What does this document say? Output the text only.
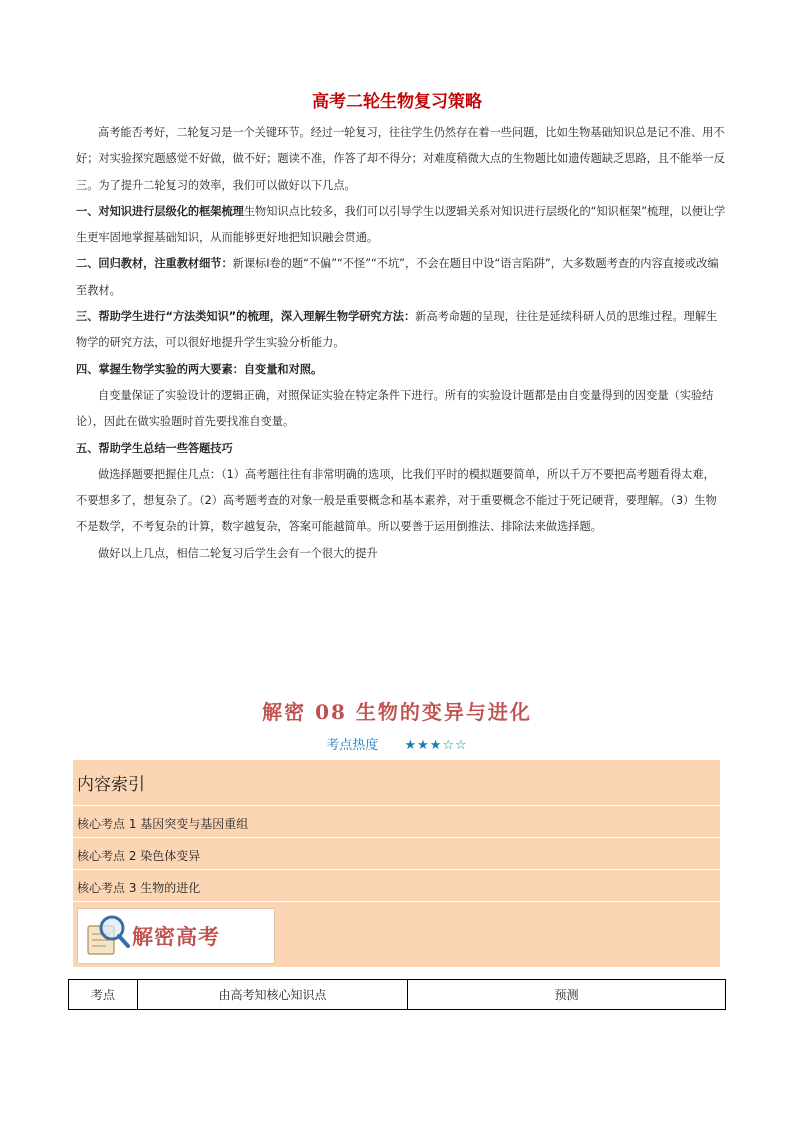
高考二轮生物复习策略

高考能否考好，二轮复习是一个关键环节。经过一轮复习，往往学生仍然存在着一些问题，比如生物基础知识总是记不准、用不好；对实验探究题感觉不好做，做不好；题读不准，作答了却不得分；对难度稍微大点的生物题比如遗传题缺乏思路，且不能举一反三。为了提升二轮复习的效率，我们可以做好以下几点。

一、对知识进行层级化的框架梳理生物知识点比较多，我们可以引导学生以逻辑关系对知识进行层级化的“知识框架”梳理，以便让学生更牢固地掌握基础知识，从而能够更好地把知识融会贯通。

二、回归教材，注重教材细节：新课标Ⅰ卷的题“不偏”“不怪”“不坑”，不会在题目中设“语言陷阱”，大多数题考查的内容直接或改编至教材。

三、帮助学生进行“方法类知识”的梳理，深入理解生物学研究方法：新高考命题的呈现，往往是延续科研人员的思维过程。理解生物学的研究方法，可以很好地提升学生实验分析能力。

四、掌握生物学实验的两大要素：自变量和对照。

自变量保证了实验设计的逻辑正确，对照保证实验在特定条件下进行。所有的实验设计题都是由自变量得到的因变量（实验结论），因此在做实验题时首先要找准自变量。

五、帮助学生总结一些答题技巧

做选择题要把握住几点：（1）高考题往往有非常明确的选项，比我们平时的模拟题要简单，所以千万不要把高考题看得太难，不要想多了，想复杂了。（2）高考题考查的对象一般是重要概念和基本素养，对于重要概念不能过于死记硬背，要理解。（3）生物不是数学，不考复杂的计算，数字越复杂，答案可能越简单。所以要善于运用倒推法、排除法来做选择题。

做好以上几点，相信二轮复习后学生会有一个很大的提升

解密 08 生物的变异与进化
考点热度 ★★★☆☆
内容索引
核心考点 1 基因突变与基因重组
核心考点 2 染色体变异
核心考点 3 生物的进化
解密高考
考点	由高考知核心知识点	预测
